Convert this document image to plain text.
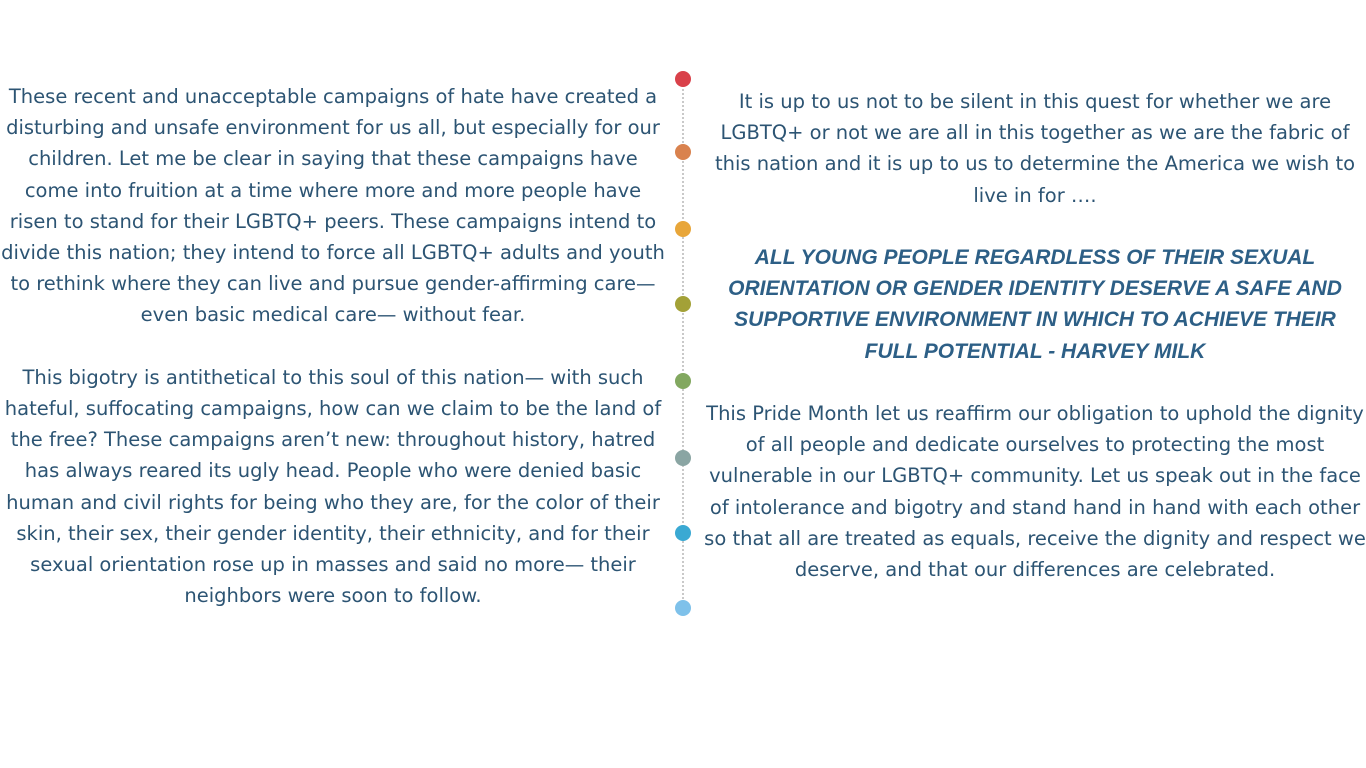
These recent and unacceptable campaigns of hate have created a disturbing and unsafe environment for us all, but especially for our children. Let me be clear in saying that these campaigns have come into fruition at a time where more and more people have risen to stand for their LGBTQ+ peers. These campaigns intend to divide this nation; they intend to force all LGBTQ+ adults and youth to rethink where they can live and pursue gender-affirming care— even basic medical care— without fear.

This bigotry is antithetical to this soul of this nation— with such hateful, suffocating campaigns, how can we claim to be the land of the free? These campaigns aren’t new: throughout history, hatred has always reared its ugly head. People who were denied basic human and civil rights for being who they are, for the color of their skin, their sex, their gender identity, their ethnicity, and for their sexual orientation rose up in masses and said no more— their neighbors were soon to follow.

It is up to us not to be silent in this quest for whether we are LGBTQ+ or not we are all in this together as we are the fabric of this nation and it is up to us to determine the America we wish to live in for ….

ALL YOUNG PEOPLE REGARDLESS OF THEIR SEXUAL ORIENTATION OR GENDER IDENTITY DESERVE A SAFE AND SUPPORTIVE ENVIRONMENT IN WHICH TO ACHIEVE THEIR FULL POTENTIAL - HARVEY MILK

This Pride Month let us reaffirm our obligation to uphold the dignity of all people and dedicate ourselves to protecting the most vulnerable in our LGBTQ+ community. Let us speak out in the face of intolerance and bigotry and stand hand in hand with each other so that all are treated as equals, receive the dignity and respect we deserve, and that our differences are celebrated.
